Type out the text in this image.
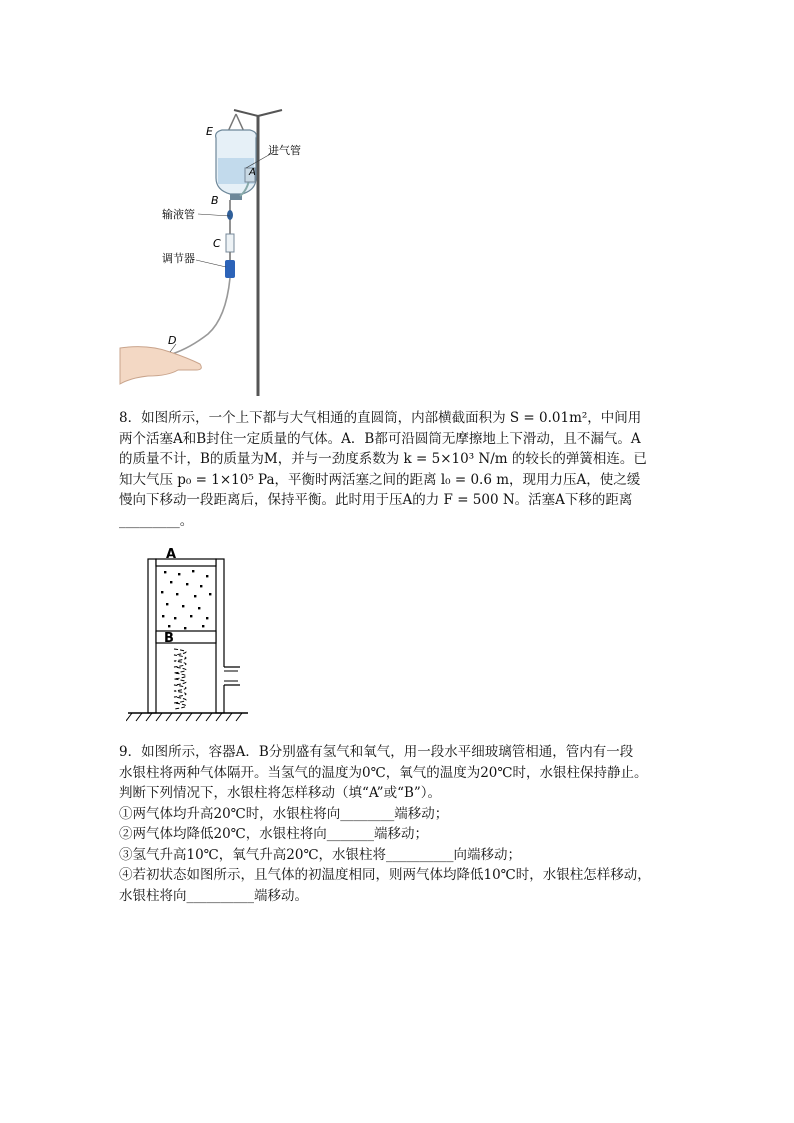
E
A
进气管
B
输液管
C
调节器
D

8．如图所示，一个上下都与大气相通的直圆筒，内部横截面积为 S = 0.01m²，中间用
两个活塞A和B封住一定质量的气体。A．B都可沿圆筒无摩擦地上下滑动，且不漏气。A
的质量不计，B的质量为M，并与一劲度系数为 k = 5×10³ N/m 的较长的弹簧相连。已
知大气压 p₀ = 1×10⁵ Pa，平衡时两活塞之间的距离 l₀ = 0.6 m，现用力压A，使之缓
慢向下移动一段距离后，保持平衡。此时用于压A的力 F = 500 N。活塞A下移的距离
_________。

A
B

9．如图所示，容器A．B分别盛有氢气和氧气，用一段水平细玻璃管相通，管内有一段
水银柱将两种气体隔开。当氢气的温度为0℃，氧气的温度为20℃时，水银柱保持静止。
判断下列情况下，水银柱将怎样移动（填“A”或“B”）。
①两气体均升高20℃时，水银柱将向________端移动；
②两气体均降低20℃，水银柱将向_______端移动；
③氢气升高10℃，氧气升高20℃，水银柱将__________向端移动；
④若初状态如图所示，且气体的初温度相同，则两气体均降低10℃时，水银柱怎样移动，
水银柱将向__________端移动。
